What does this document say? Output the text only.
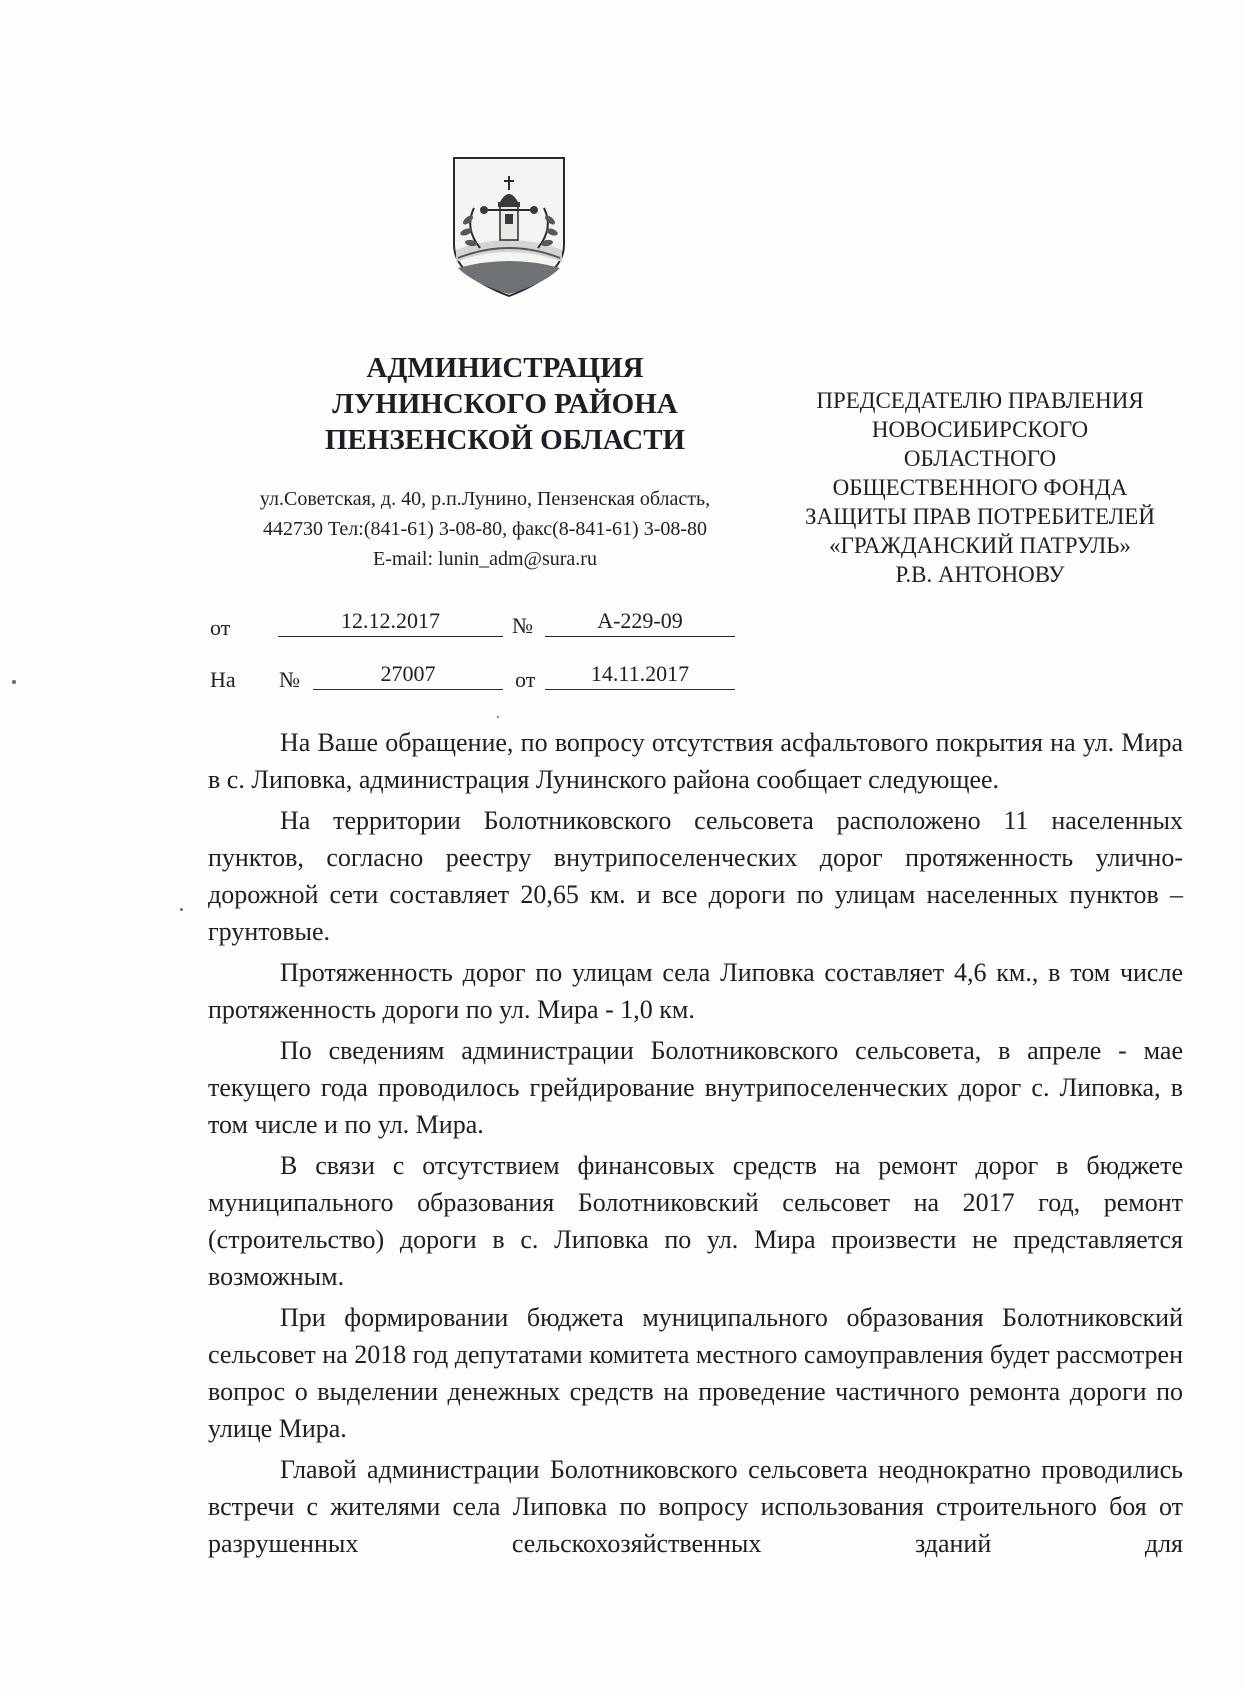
АДМИНИСТРАЦИЯ
ЛУНИНСКОГО РАЙОНА
ПЕНЗЕНСКОЙ ОБЛАСТИ
ул.Советская, д. 40, р.п.Лунино, Пензенская область,
442730 Тел:(841-61) 3-08-80, факс(8-841-61) 3-08-80
E-mail: lunin_adm@sura.ru
ПРЕДСЕДАТЕЛЮ ПРАВЛЕНИЯ
НОВОСИБИРСКОГО
ОБЛАСТНОГО
ОБЩЕСТВЕННОГО ФОНДА
ЗАЩИТЫ ПРАВ ПОТРЕБИТЕЛЕЙ
«ГРАЖДАНСКИЙ ПАТРУЛЬ»
Р.В. АНТОНОВУ
от	12.12.2017	№	А-229-09
На №	27007	от	14.11.2017

На Ваше обращение, по вопросу отсутствия асфальтового покрытия на ул. Мира в с. Липовка, администрация Лунинского района сообщает следующее.

На территории Болотниковского сельсовета расположено 11 населенных пунктов, согласно реестру внутрипоселенческих дорог протяженность улично-дорожной сети составляет 20,65 км. и все дороги по улицам населенных пунктов – грунтовые.

Протяженность дорог по улицам села Липовка составляет 4,6 км., в том числе протяженность дороги по ул. Мира - 1,0 км.

По сведениям администрации Болотниковского сельсовета, в апреле - мае текущего года проводилось грейдирование внутрипоселенческих дорог с. Липовка, в том числе и по ул. Мира.

В связи с отсутствием финансовых средств на ремонт дорог в бюджете муниципального образования Болотниковский сельсовет на 2017 год, ремонт (строительство) дороги в с. Липовка по ул. Мира произвести не представляется возможным.

При формировании бюджета муниципального образования Болотниковский сельсовет на 2018 год депутатами комитета местного самоуправления будет рассмотрен вопрос о выделении денежных средств на проведение частичного ремонта дороги по улице Мира.

Главой администрации Болотниковского сельсовета неоднократно проводились встречи с жителями села Липовка по вопросу использования строительного боя от разрушенных сельскохозяйственных зданий для
